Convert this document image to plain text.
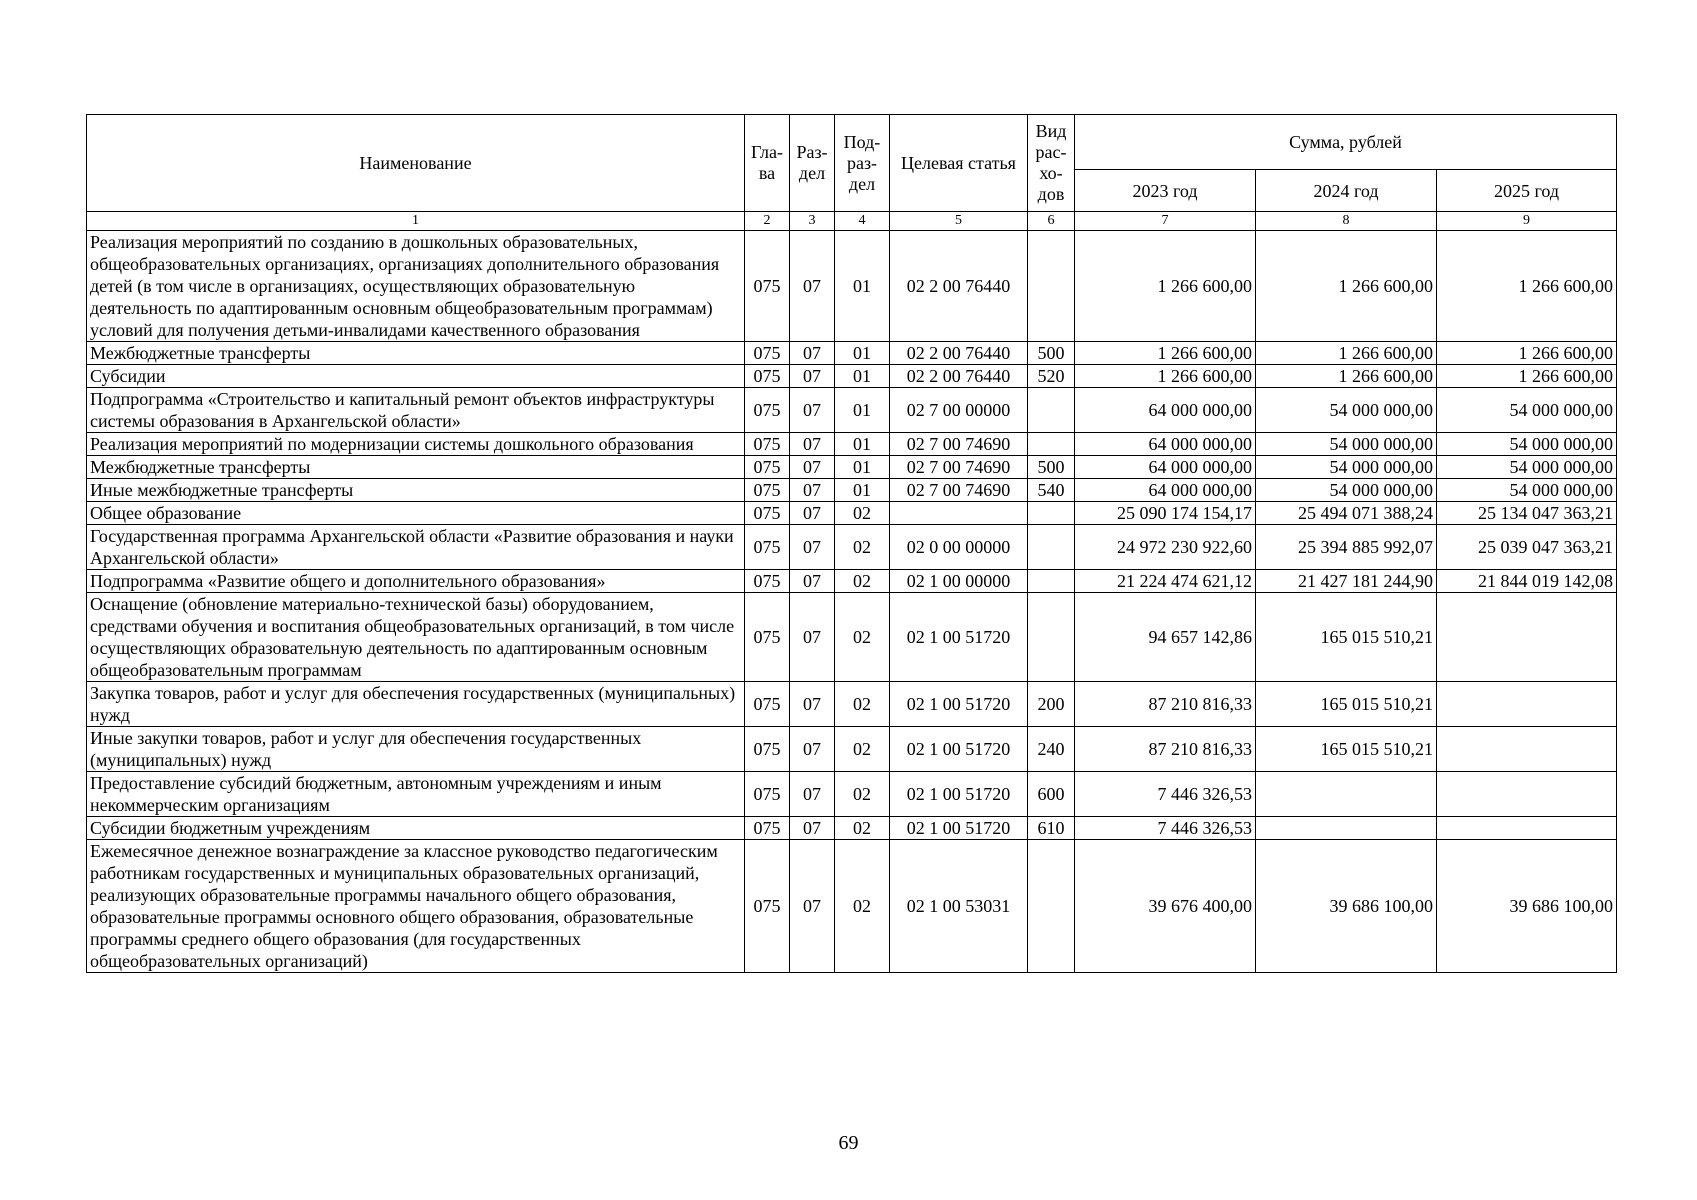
Наименование	Гла-ва	Раз-дел	Под-раз-дел	Целевая статья	Вид рас-хо-дов	Сумма, рублей		
						2023 год	2024 год	2025 год
1	2	3	4	5	6	7	8	9
Реализация мероприятий по созданию в дошкольных образовательных, общеобразовательных организациях, организациях дополнительного образования детей (в том числе в организациях, осуществляющих образовательную деятельность по адаптированным основным общеобразовательным программам) условий для получения детьми-инвалидами качественного образования	075	07	01	02 2 00 76440		1 266 600,00	1 266 600,00	1 266 600,00
Межбюджетные трансферты	075	07	01	02 2 00 76440	500	1 266 600,00	1 266 600,00	1 266 600,00
Субсидии	075	07	01	02 2 00 76440	520	1 266 600,00	1 266 600,00	1 266 600,00
Подпрограмма «Строительство и капитальный ремонт объектов инфраструктуры системы образования в Архангельской области»	075	07	01	02 7 00 00000		64 000 000,00	54 000 000,00	54 000 000,00
Реализация мероприятий по модернизации системы дошкольного образования	075	07	01	02 7 00 74690		64 000 000,00	54 000 000,00	54 000 000,00
Межбюджетные трансферты	075	07	01	02 7 00 74690	500	64 000 000,00	54 000 000,00	54 000 000,00
Иные межбюджетные трансферты	075	07	01	02 7 00 74690	540	64 000 000,00	54 000 000,00	54 000 000,00
Общее образование	075	07	02			25 090 174 154,17	25 494 071 388,24	25 134 047 363,21
Государственная программа Архангельской области «Развитие образования и науки Архангельской области»	075	07	02	02 0 00 00000		24 972 230 922,60	25 394 885 992,07	25 039 047 363,21
Подпрограмма «Развитие общего и дополнительного образования»	075	07	02	02 1 00 00000		21 224 474 621,12	21 427 181 244,90	21 844 019 142,08
Оснащение (обновление материально-технической базы) оборудованием, средствами обучения и воспитания общеобразовательных организаций, в том числе осуществляющих образовательную деятельность по адаптированным основным общеобразовательным программам	075	07	02	02 1 00 51720		94 657 142,86	165 015 510,21	
Закупка товаров, работ и услуг для обеспечения государственных (муниципальных) нужд	075	07	02	02 1 00 51720	200	87 210 816,33	165 015 510,21	
Иные закупки товаров, работ и услуг для обеспечения государственных (муниципальных) нужд	075	07	02	02 1 00 51720	240	87 210 816,33	165 015 510,21	
Предоставление субсидий бюджетным, автономным учреждениям и иным некоммерческим организациям	075	07	02	02 1 00 51720	600	7 446 326,53		
Субсидии бюджетным учреждениям	075	07	02	02 1 00 51720	610	7 446 326,53		
Ежемесячное денежное вознаграждение за классное руководство педагогическим работникам государственных и муниципальных образовательных организаций, реализующих образовательные программы начального общего образования, образовательные программы основного общего образования, образовательные программы среднего общего образования (для государственных общеобразовательных организаций)	075	07	02	02 1 00 53031		39 676 400,00	39 686 100,00	39 686 100,00
69
